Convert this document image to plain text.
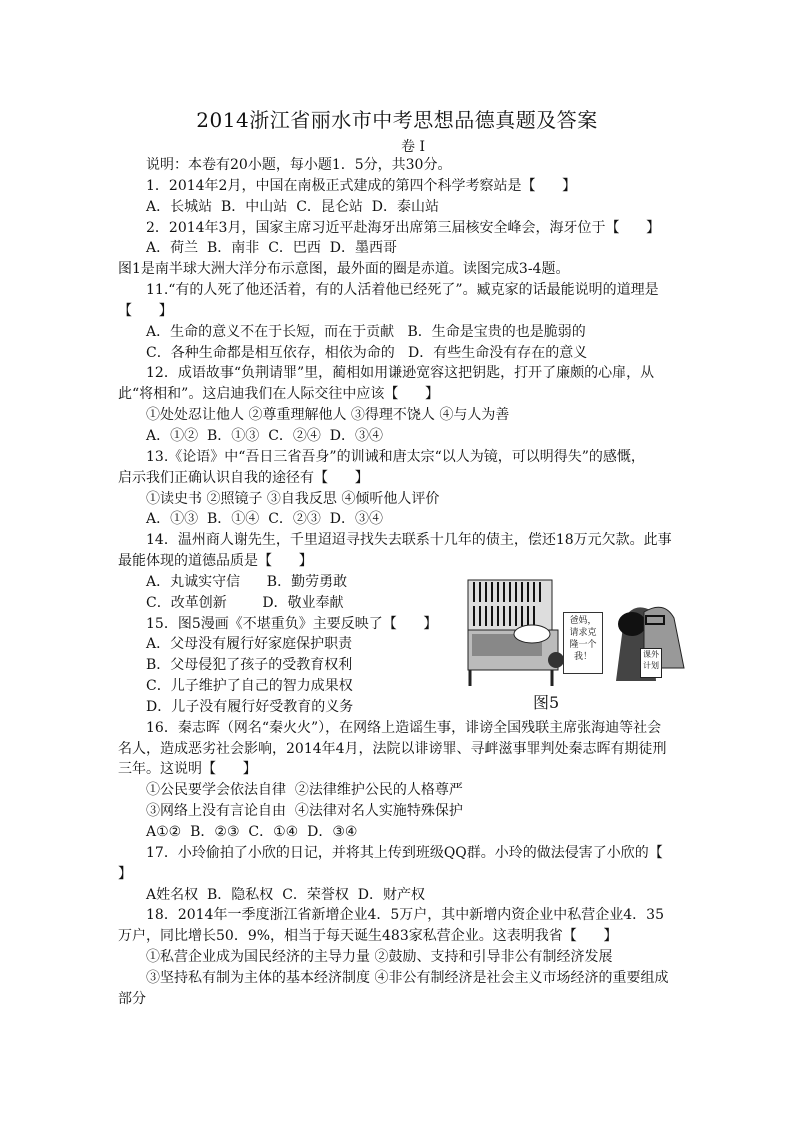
2014浙江省丽水市中考思想品德真题及答案
卷 I
说明：本卷有20小题，每小题1．5分，共30分。
1．2014年2月，中国在南极正式建成的第四个科学考察站是【      】
A．长城站  B．中山站  C．昆仑站  D．泰山站
2．2014年3月，国家主席习近平赴海牙出席第三届核安全峰会，海牙位于【      】
A．荷兰  B．南非  C．巴西  D．墨西哥
图1是南半球大洲大洋分布示意图，最外面的圈是赤道。读图完成3-4题。
11.“有的人死了他还活着，有的人活着他已经死了”。臧克家的话最能说明的道理是
【      】
A．生命的意义不在于长短，而在于贡献   B．生命是宝贵的也是脆弱的
C．各种生命都是相互依存，相依为命的   D．有些生命没有存在的意义
12．成语故事“负荆请罪”里，蔺相如用谦逊宽容这把钥匙，打开了廉颇的心扉，从
此“将相和”。这启迪我们在人际交往中应该【      】
①处处忍让他人 ②尊重理解他人 ③得理不饶人 ④与人为善
A．①②  B．①③  C．②④  D．③④
13.《论语》中“吾日三省吾身”的训诫和唐太宗“以人为镜，可以明得失”的感慨，
启示我们正确认识自我的途径有【      】
①读史书 ②照镜子 ③自我反思 ④倾听他人评价
A．①③  B．①④  C．②③  D．③④
14．温州商人谢先生，千里迢迢寻找失去联系十几年的债主，偿还18万元欠款。此事
最能体现的道德品质是【      】
A．丸诚实守信      B．勤劳勇敢
C．改革创新        D．敬业奉献
15．图5漫画《不堪重负》主要反映了【      】
A．父母没有履行好家庭保护职责
B．父母侵犯了孩子的受教育权利
C．儿子维护了自己的智力成果权
D．儿子没有履行好受教育的义务
16．秦志晖（网名“秦火火”），在网络上造谣生事，诽谤全国残联主席张海迪等社会
名人，造成恶劣社会影响，2014年4月，法院以诽谤罪、寻衅滋事罪判处秦志晖有期徒刑
三年。这说明【      】
①公民要学会依法自律  ②法律维护公民的人格尊严
③网络上没有言论自由  ④法律对名人实施特殊保护
A①②  B．②③  C．①④  D．③④
17．小玲偷拍了小欣的日记，并将其上传到班级QQ群。小玲的做法侵害了小欣的【
】
A姓名权  B．隐私权  C．荣誉权  D．财产权
18．2014年一季度浙江省新增企业4．5万户，其中新增内资企业中私营企业4．35
万户，同比增长50．9%，相当于每天诞生483家私营企业。这表明我省【      】
①私营企业成为国民经济的主导力量 ②鼓励、支持和引导非公有制经济发展
③坚持私有制为主体的基本经济制度 ④非公有制经济是社会主义市场经济的重要组成
部分
爸妈，请求克隆一个我！	课外计划
图5
